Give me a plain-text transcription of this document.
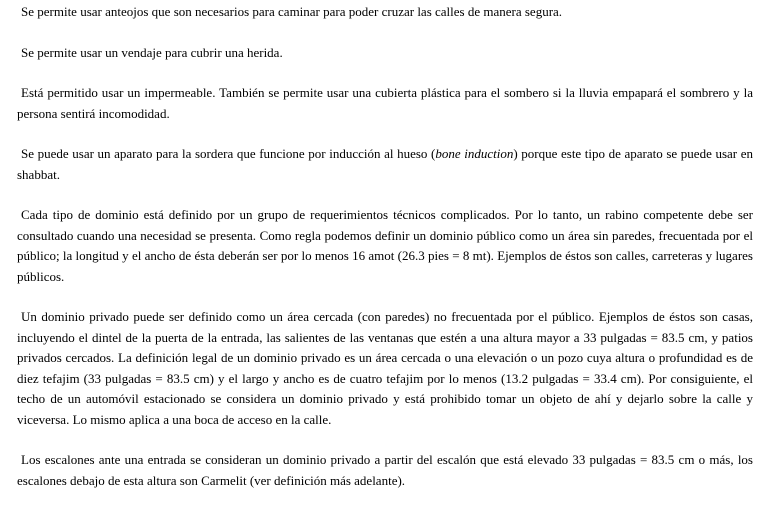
Se permite usar anteojos que son necesarios para caminar para poder cruzar las calles de manera segura.

Se permite usar un vendaje para cubrir una herida.

Está permitido usar un impermeable. También se permite usar una cubierta plástica para el sombero si la lluvia empapará el sombrero y la persona sentirá incomodidad.

Se puede usar un aparato para la sordera que funcione por inducción al hueso (bone induction) porque este tipo de aparato se puede usar en shabbat.

Cada tipo de dominio está definido por un grupo de requerimientos técnicos complicados. Por lo tanto, un rabino competente debe ser consultado cuando una necesidad se presenta. Como regla podemos definir un dominio público como un área sin paredes, frecuentada por el público; la longitud y el ancho de ésta deberán ser por lo menos 16 amot (26.3 pies = 8 mt). Ejemplos de éstos son calles, carreteras y lugares públicos.

Un dominio privado puede ser definido como un área cercada (con paredes) no frecuentada por el público. Ejemplos de éstos son casas, incluyendo el dintel de la puerta de la entrada, las salientes de las ventanas que estén a una altura mayor a 33 pulgadas = 83.5 cm, y patios privados cercados. La definición legal de un dominio privado es un área cercada o una elevación o un pozo cuya altura o profundidad es de diez tefajim (33 pulgadas = 83.5 cm) y el largo y ancho es de cuatro tefajim por lo menos (13.2 pulgadas = 33.4 cm). Por consiguiente, el techo de un automóvil estacionado se considera un dominio privado y está prohibido tomar un objeto de ahí y dejarlo sobre la calle y viceversa. Lo mismo aplica a una boca de acceso en la calle.

Los escalones ante una entrada se consideran un dominio privado a partir del escalón que está elevado 33 pulgadas = 83.5 cm o más, los escalones debajo de esta altura son Carmelit (ver definición más adelante).
